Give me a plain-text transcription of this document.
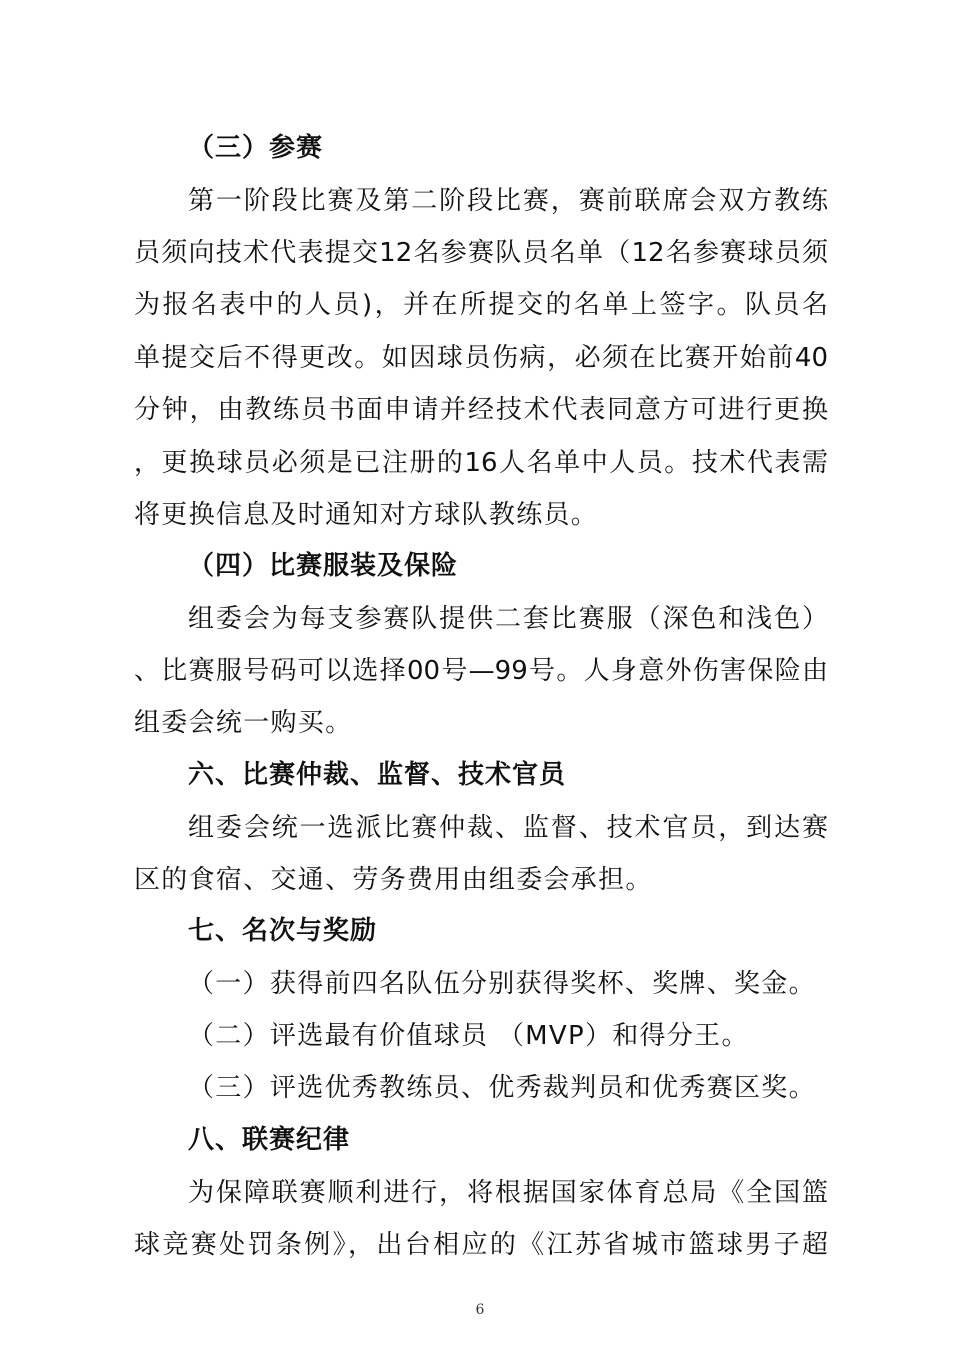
（三）参赛
第一阶段比赛及第二阶段比赛，赛前联席会双方教练
员须向技术代表提交12名参赛队员名单（12名参赛球员须
为报名表中的人员)，并在所提交的名单上签字。队员名
单提交后不得更改。如因球员伤病，必须在比赛开始前40
分钟，由教练员书面申请并经技术代表同意方可进行更换
，更换球员必须是已注册的16人名单中人员。技术代表需
将更换信息及时通知对方球队教练员。
（四）比赛服装及保险
组委会为每支参赛队提供二套比赛服（深色和浅色）
、比赛服号码可以选择00号—99号。人身意外伤害保险由
组委会统一购买。
六、比赛仲裁、监督、技术官员
组委会统一选派比赛仲裁、监督、技术官员，到达赛
区的食宿、交通、劳务费用由组委会承担。
七、名次与奖励
（一）获得前四名队伍分别获得奖杯、奖牌、奖金。
（二）评选最有价值球员 （MVP）和得分王。
（三）评选优秀教练员、优秀裁判员和优秀赛区奖。
八、联赛纪律
为保障联赛顺利进行，将根据国家体育总局《全国篮
球竞赛处罚条例》，出台相应的《江苏省城市篮球男子超
6
